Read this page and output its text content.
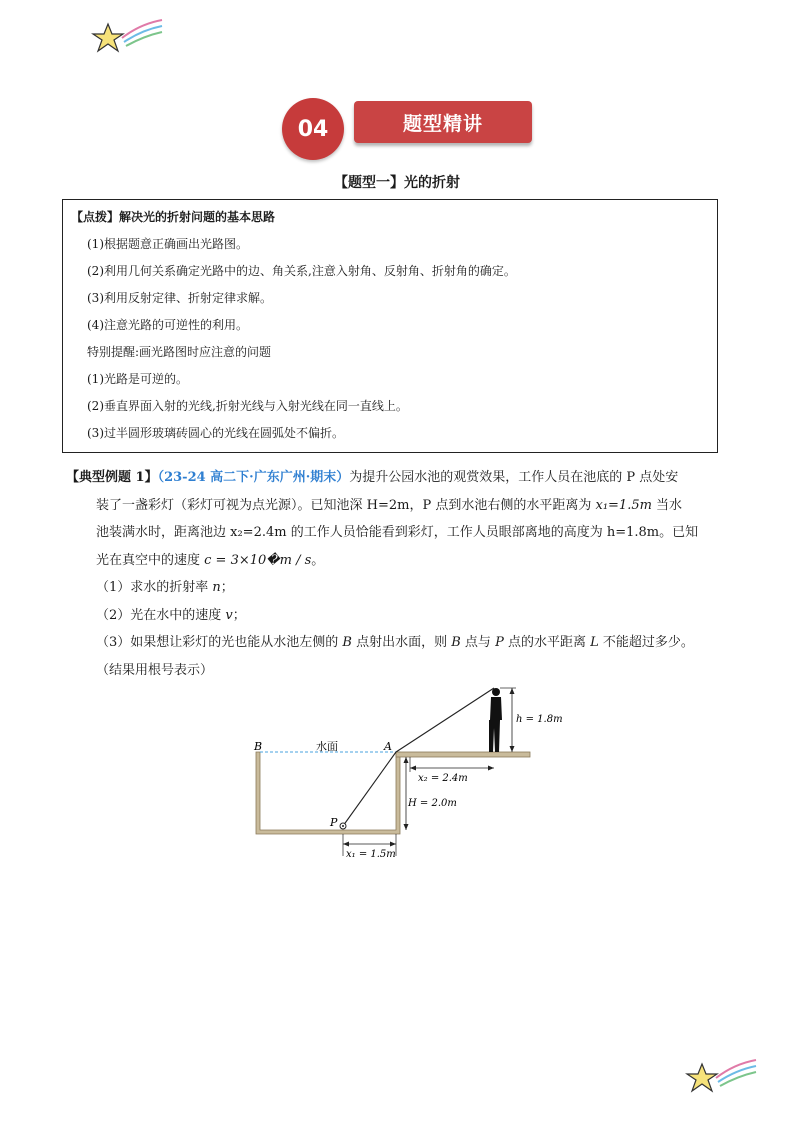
04	题型精讲
【题型一】光的折射
【点拨】解决光的折射问题的基本思路
(1)根据题意正确画出光路图。
(2)利用几何关系确定光路中的边、角关系,注意入射角、反射角、折射角的确定。
(3)利用反射定律、折射定律求解。
(4)注意光路的可逆性的利用。
特别提醒:画光路图时应注意的问题
(1)光路是可逆的。
(2)垂直界面入射的光线,折射光线与入射光线在同一直线上。
(3)过半圆形玻璃砖圆心的光线在圆弧处不偏折。
【典型例题 1】（23-24 高二下·广东广州·期末）为提升公园水池的观赏效果，工作人员在池底的 P 点处安
装了一盏彩灯（彩灯可视为点光源）。已知池深 H=2m，P 点到水池右侧的水平距离为 x₁=1.5m 当水
池装满水时，距离池边 x₂=2.4m 的工作人员恰能看到彩灯，工作人员眼部离地的高度为 h=1.8m。已知
光在真空中的速度 c = 3×10�m / s。
（1）求水的折射率 n；
（2）光在水中的速度 v；
（3）如果想让彩灯的光也能从水池左侧的 B 点射出水面，则 B 点与 P 点的水平距离 L 不能超过多少。
（结果用根号表示）
h = 1.8m
x₂ = 2.4m
H = 2.0m
x₁ = 1.5m
B	A
P
水面
